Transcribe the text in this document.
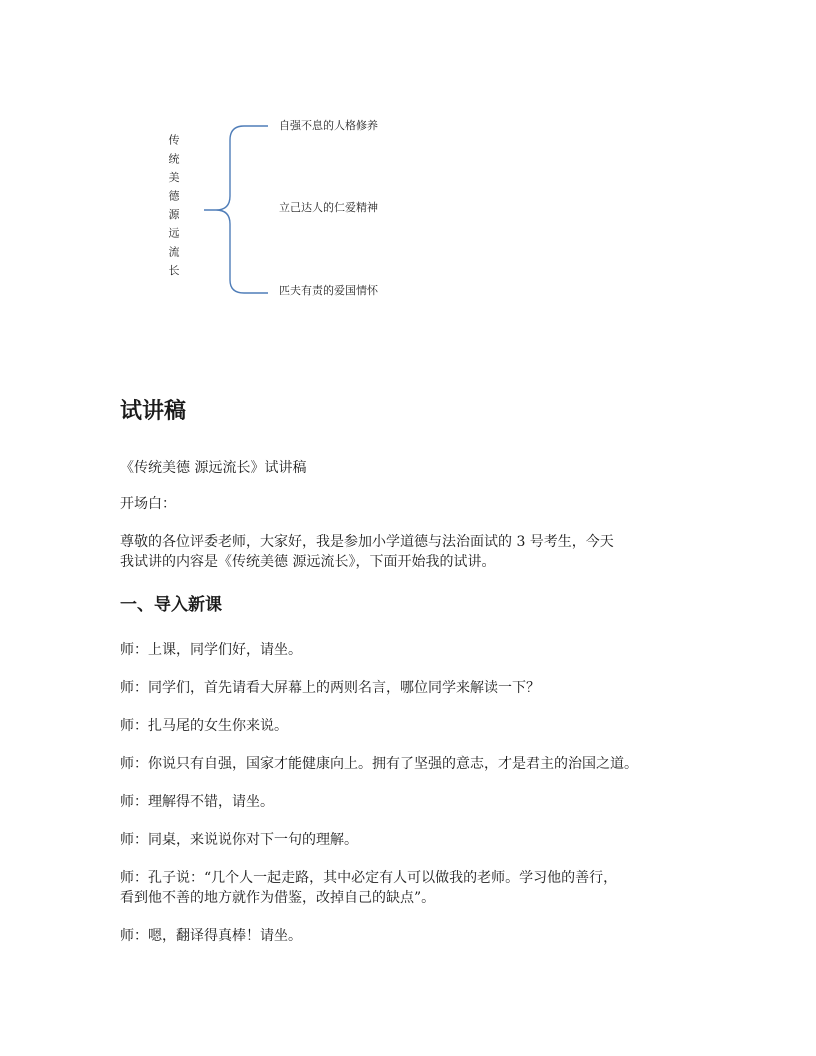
传统美德源远流长
自强不息的人格修养
立己达人的仁爱精神
匹夫有责的爱国情怀
试讲稿
《传统美德 源远流长》试讲稿
开场白：
尊敬的各位评委老师，大家好，我是参加小学道德与法治面试的 3 号考生，今天
我试讲的内容是《传统美德 源远流长》，下面开始我的试讲。
一、导入新课
师：上课，同学们好，请坐。
师：同学们，首先请看大屏幕上的两则名言，哪位同学来解读一下？
师：扎马尾的女生你来说。
师：你说只有自强，国家才能健康向上。拥有了坚强的意志，才是君主的治国之道。
师：理解得不错，请坐。
师：同桌，来说说你对下一句的理解。
师：孔子说：“几个人一起走路，其中必定有人可以做我的老师。学习他的善行，
看到他不善的地方就作为借鉴，改掉自己的缺点”。
师：嗯，翻译得真棒！请坐。
